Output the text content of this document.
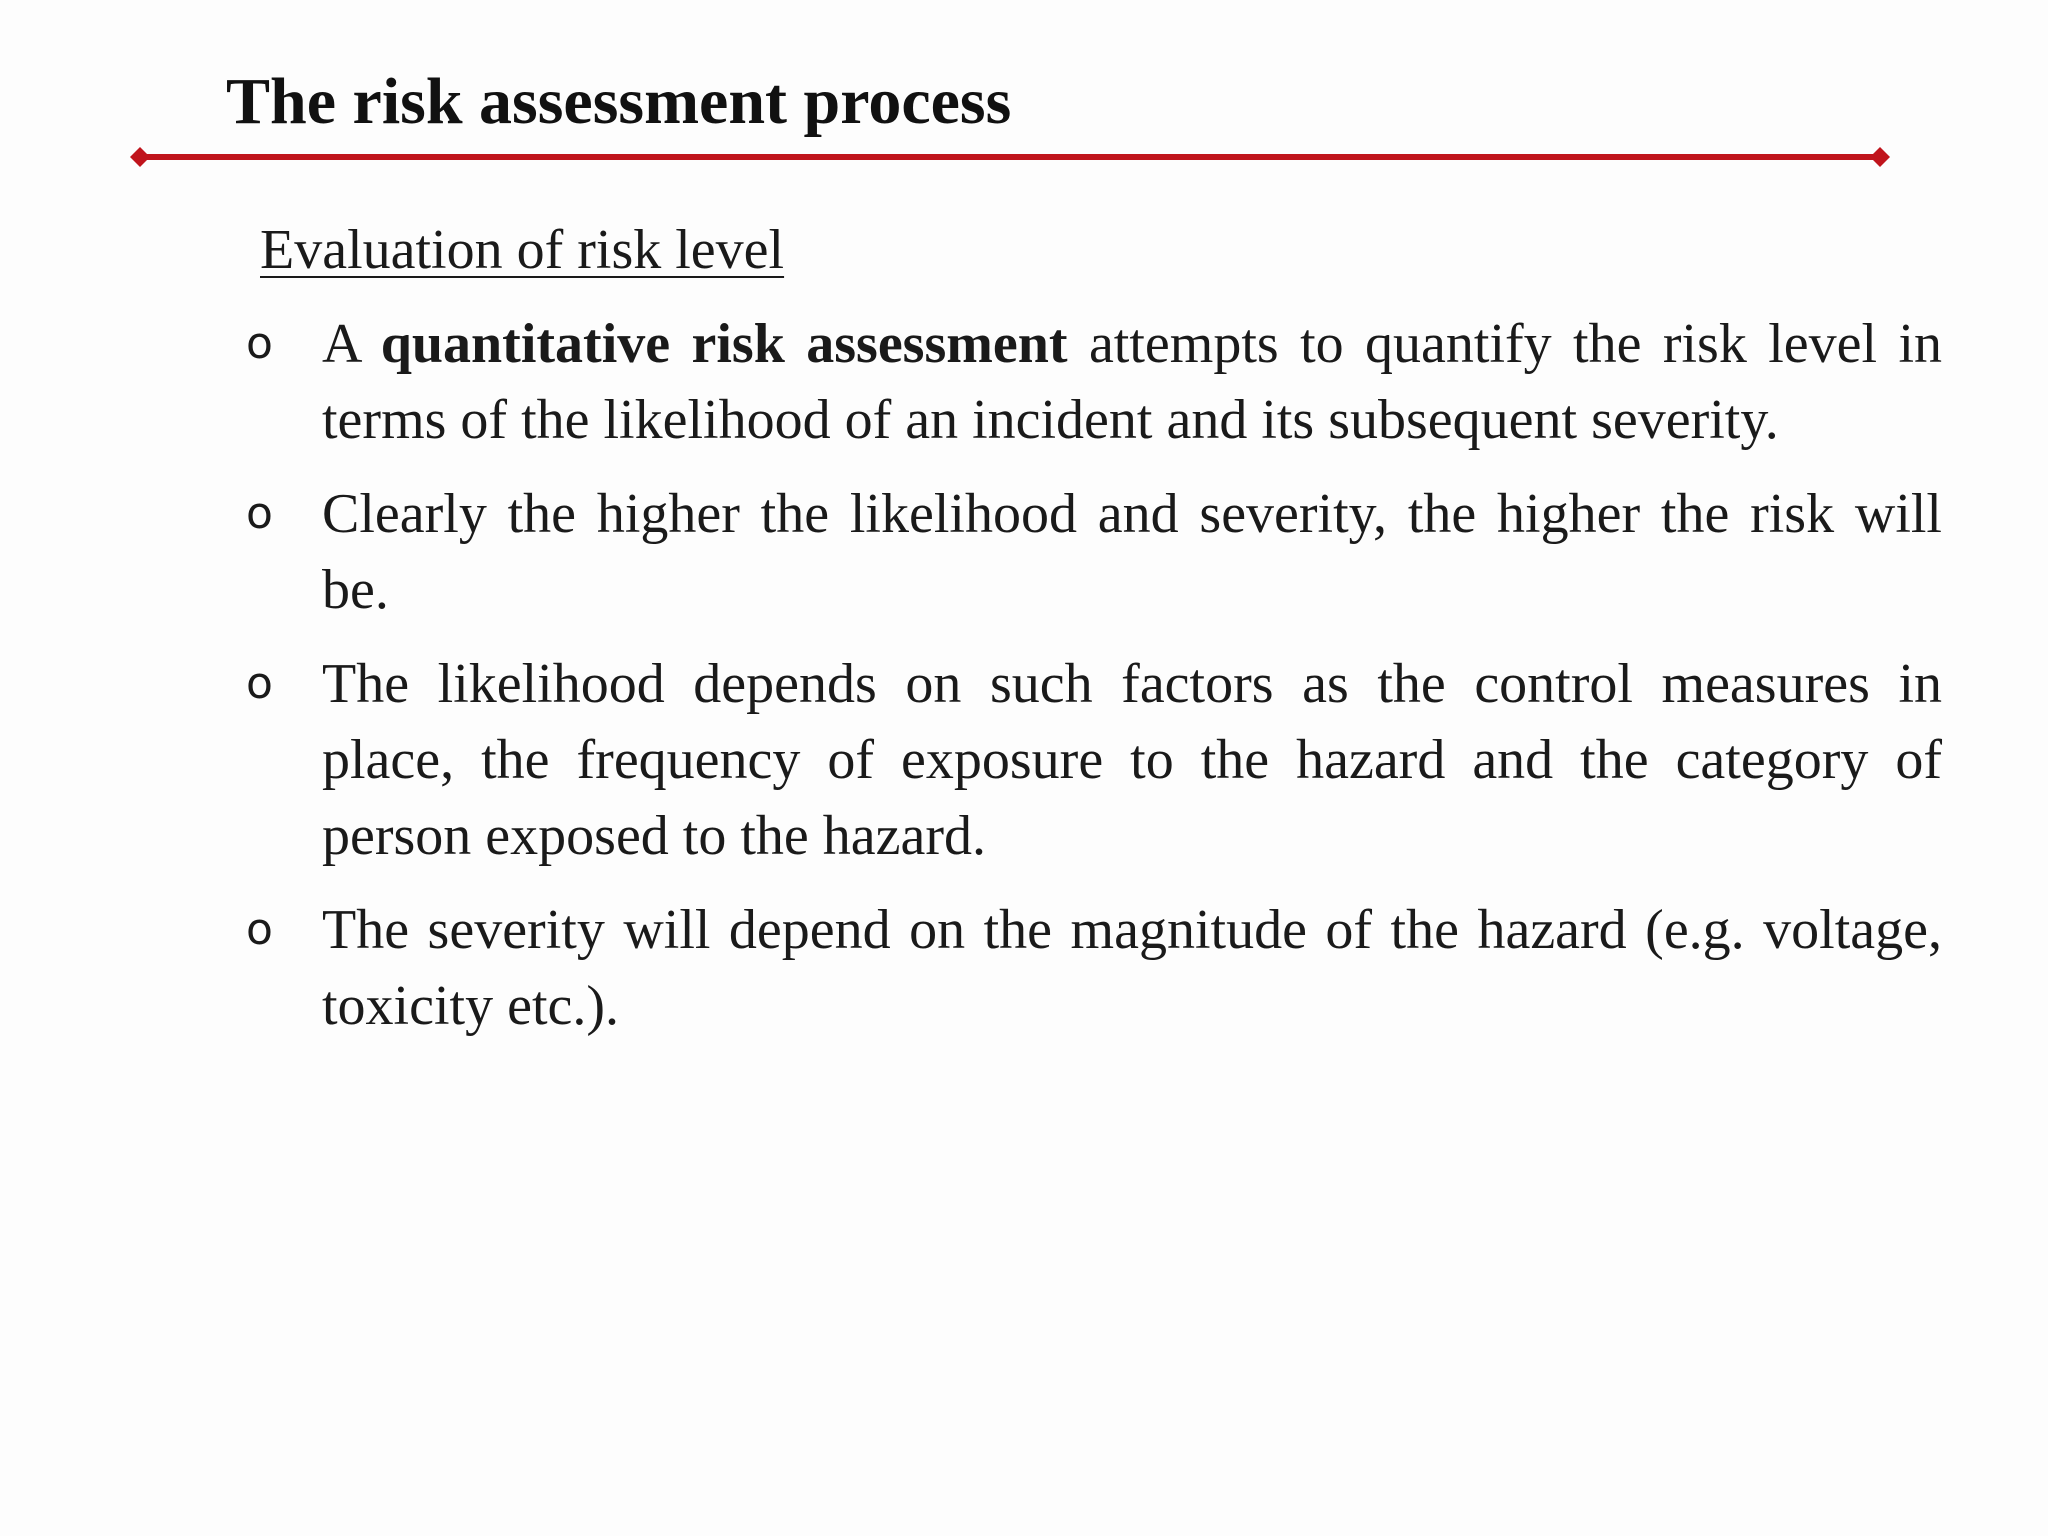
The risk assessment process
Evaluation of risk level
o A quantitative risk assessment attempts to quantify the risk level in terms of the likelihood of an incident and its subsequent severity.
o Clearly the higher the likelihood and severity, the higher the risk will be.
o The likelihood depends on such factors as the control measures in place, the frequency of exposure to the hazard and the category of person exposed to the hazard.
o The severity will depend on the magnitude of the hazard (e.g. voltage, toxicity etc.).
